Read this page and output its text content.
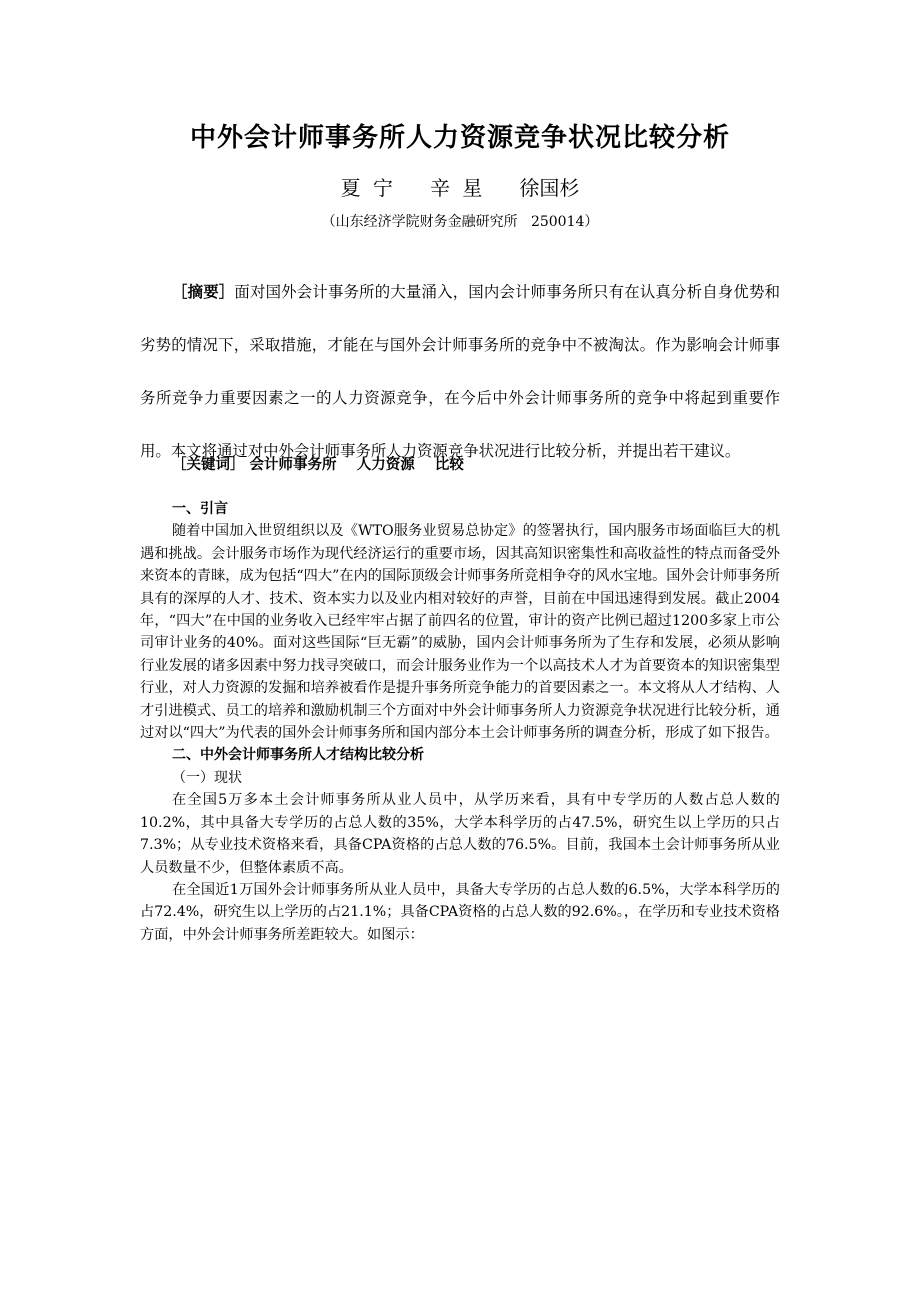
中外会计师事务所人力资源竞争状况比较分析
夏 宁   辛 星   徐国杉
（山东经济学院财务金融研究所   250014）

［摘要］面对国外会计事务所的大量涌入，国内会计师事务所只有在认真分析自身优势和劣势的情况下，采取措施，才能在与国外会计师事务所的竞争中不被淘汰。作为影响会计师事务所竞争力重要因素之一的人力资源竞争，在今后中外会计师事务所的竞争中将起到重要作用。本文将通过对中外会计师事务所人力资源竞争状况进行比较分析，并提出若干建议。

［关键词］ 会计师事务所    人力资源    比较

一、引言

随着中国加入世贸组织以及《WTO服务业贸易总协定》的签署执行，国内服务市场面临巨大的机遇和挑战。会计服务市场作为现代经济运行的重要市场，因其高知识密集性和高收益性的特点而备受外来资本的青睐，成为包括“四大”在内的国际顶级会计师事务所竞相争夺的风水宝地。国外会计师事务所具有的深厚的人才、技术、资本实力以及业内相对较好的声誉，目前在中国迅速得到发展。截止2004年，“四大”在中国的业务收入已经牢牢占据了前四名的位置，审计的资产比例已超过1200多家上市公司审计业务的40%。面对这些国际“巨无霸”的威胁，国内会计师事务所为了生存和发展，必须从影响行业发展的诸多因素中努力找寻突破口，而会计服务业作为一个以高技术人才为首要资本的知识密集型行业，对人力资源的发掘和培养被看作是提升事务所竞争能力的首要因素之一。本文将从人才结构、人才引进模式、员工的培养和激励机制三个方面对中外会计师事务所人力资源竞争状况进行比较分析，通过对以“四大”为代表的国外会计师事务所和国内部分本土会计师事务所的调查分析，形成了如下报告。

二、中外会计师事务所人才结构比较分析

（一）现状

在全国5万多本土会计师事务所从业人员中，从学历来看，具有中专学历的人数占总人数的10.2%，其中具备大专学历的占总人数的35%，大学本科学历的占47.5%，研究生以上学历的只占7.3%；从专业技术资格来看，具备CPA资格的占总人数的76.5%。目前，我国本土会计师事务所从业人员数量不少，但整体素质不高。

在全国近1万国外会计师事务所从业人员中，具备大专学历的占总人数的6.5%，大学本科学历的占72.4%，研究生以上学历的占21.1%；具备CPA资格的占总人数的92.6%。，在学历和专业技术资格方面，中外会计师事务所差距较大。如图示：
